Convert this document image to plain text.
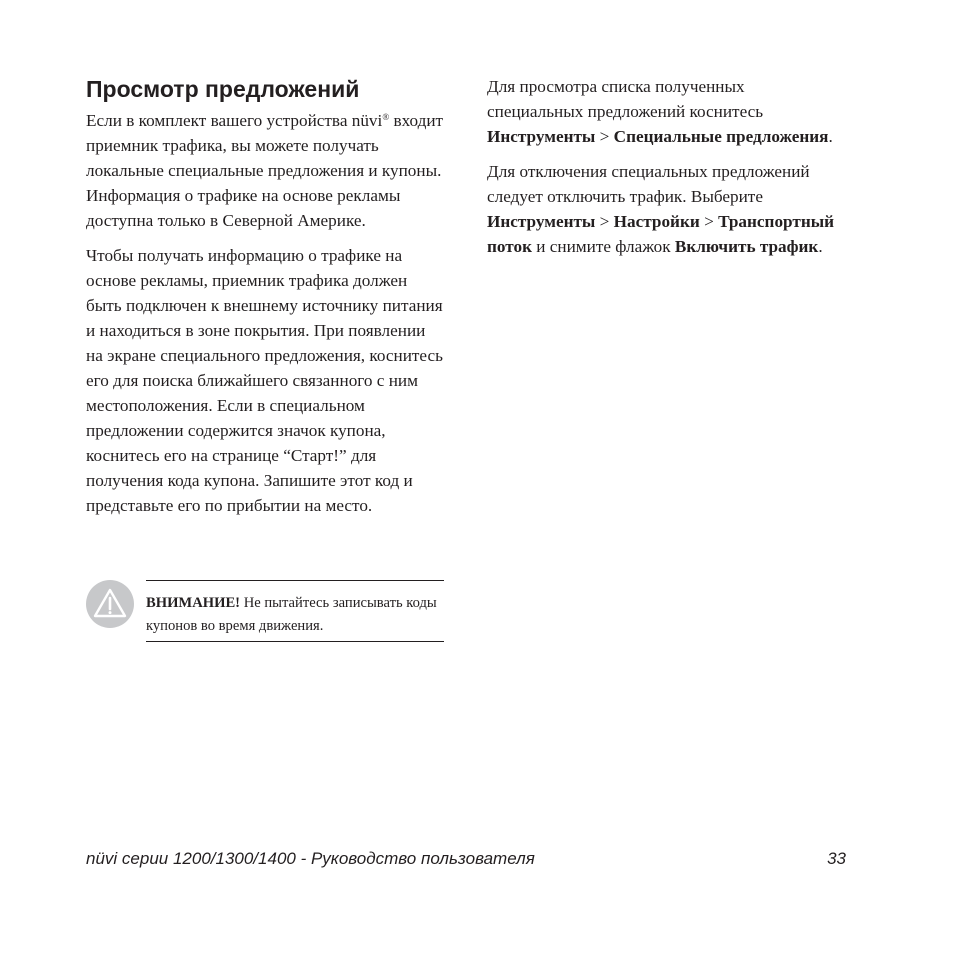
Просмотр предложений

Если в комплект вашего устройства nüvi® входит приемник трафика, вы можете получать локальные специальные предложения и купоны. Информация о трафике на основе рекламы доступна только в Северной Америке.

Чтобы получать информацию о трафике на основе рекламы, приемник трафика должен быть подключен к внешнему источнику питания и находиться в зоне покрытия. При появлении на экране специального предложения, коснитесь его для поиска ближайшего связанного с ним местоположения. Если в специальном предложении содержится значок купона, коснитесь его на странице “Старт!” для получения кода купона. Запишите этот код и представьте его по прибытии на место.

ВНИМАНИЕ! Не пытайтесь записывать коды купонов во время движения.

Для просмотра списка полученных специальных предложений коснитесь Инструменты > Специальные предложения.

Для отключения специальных предложений следует отключить трафик. Выберите Инструменты > Настройки > Транспортный поток и снимите флажок Включить трафик.

nüvi серии 1200/1300/1400 - Руководство пользователя	33
